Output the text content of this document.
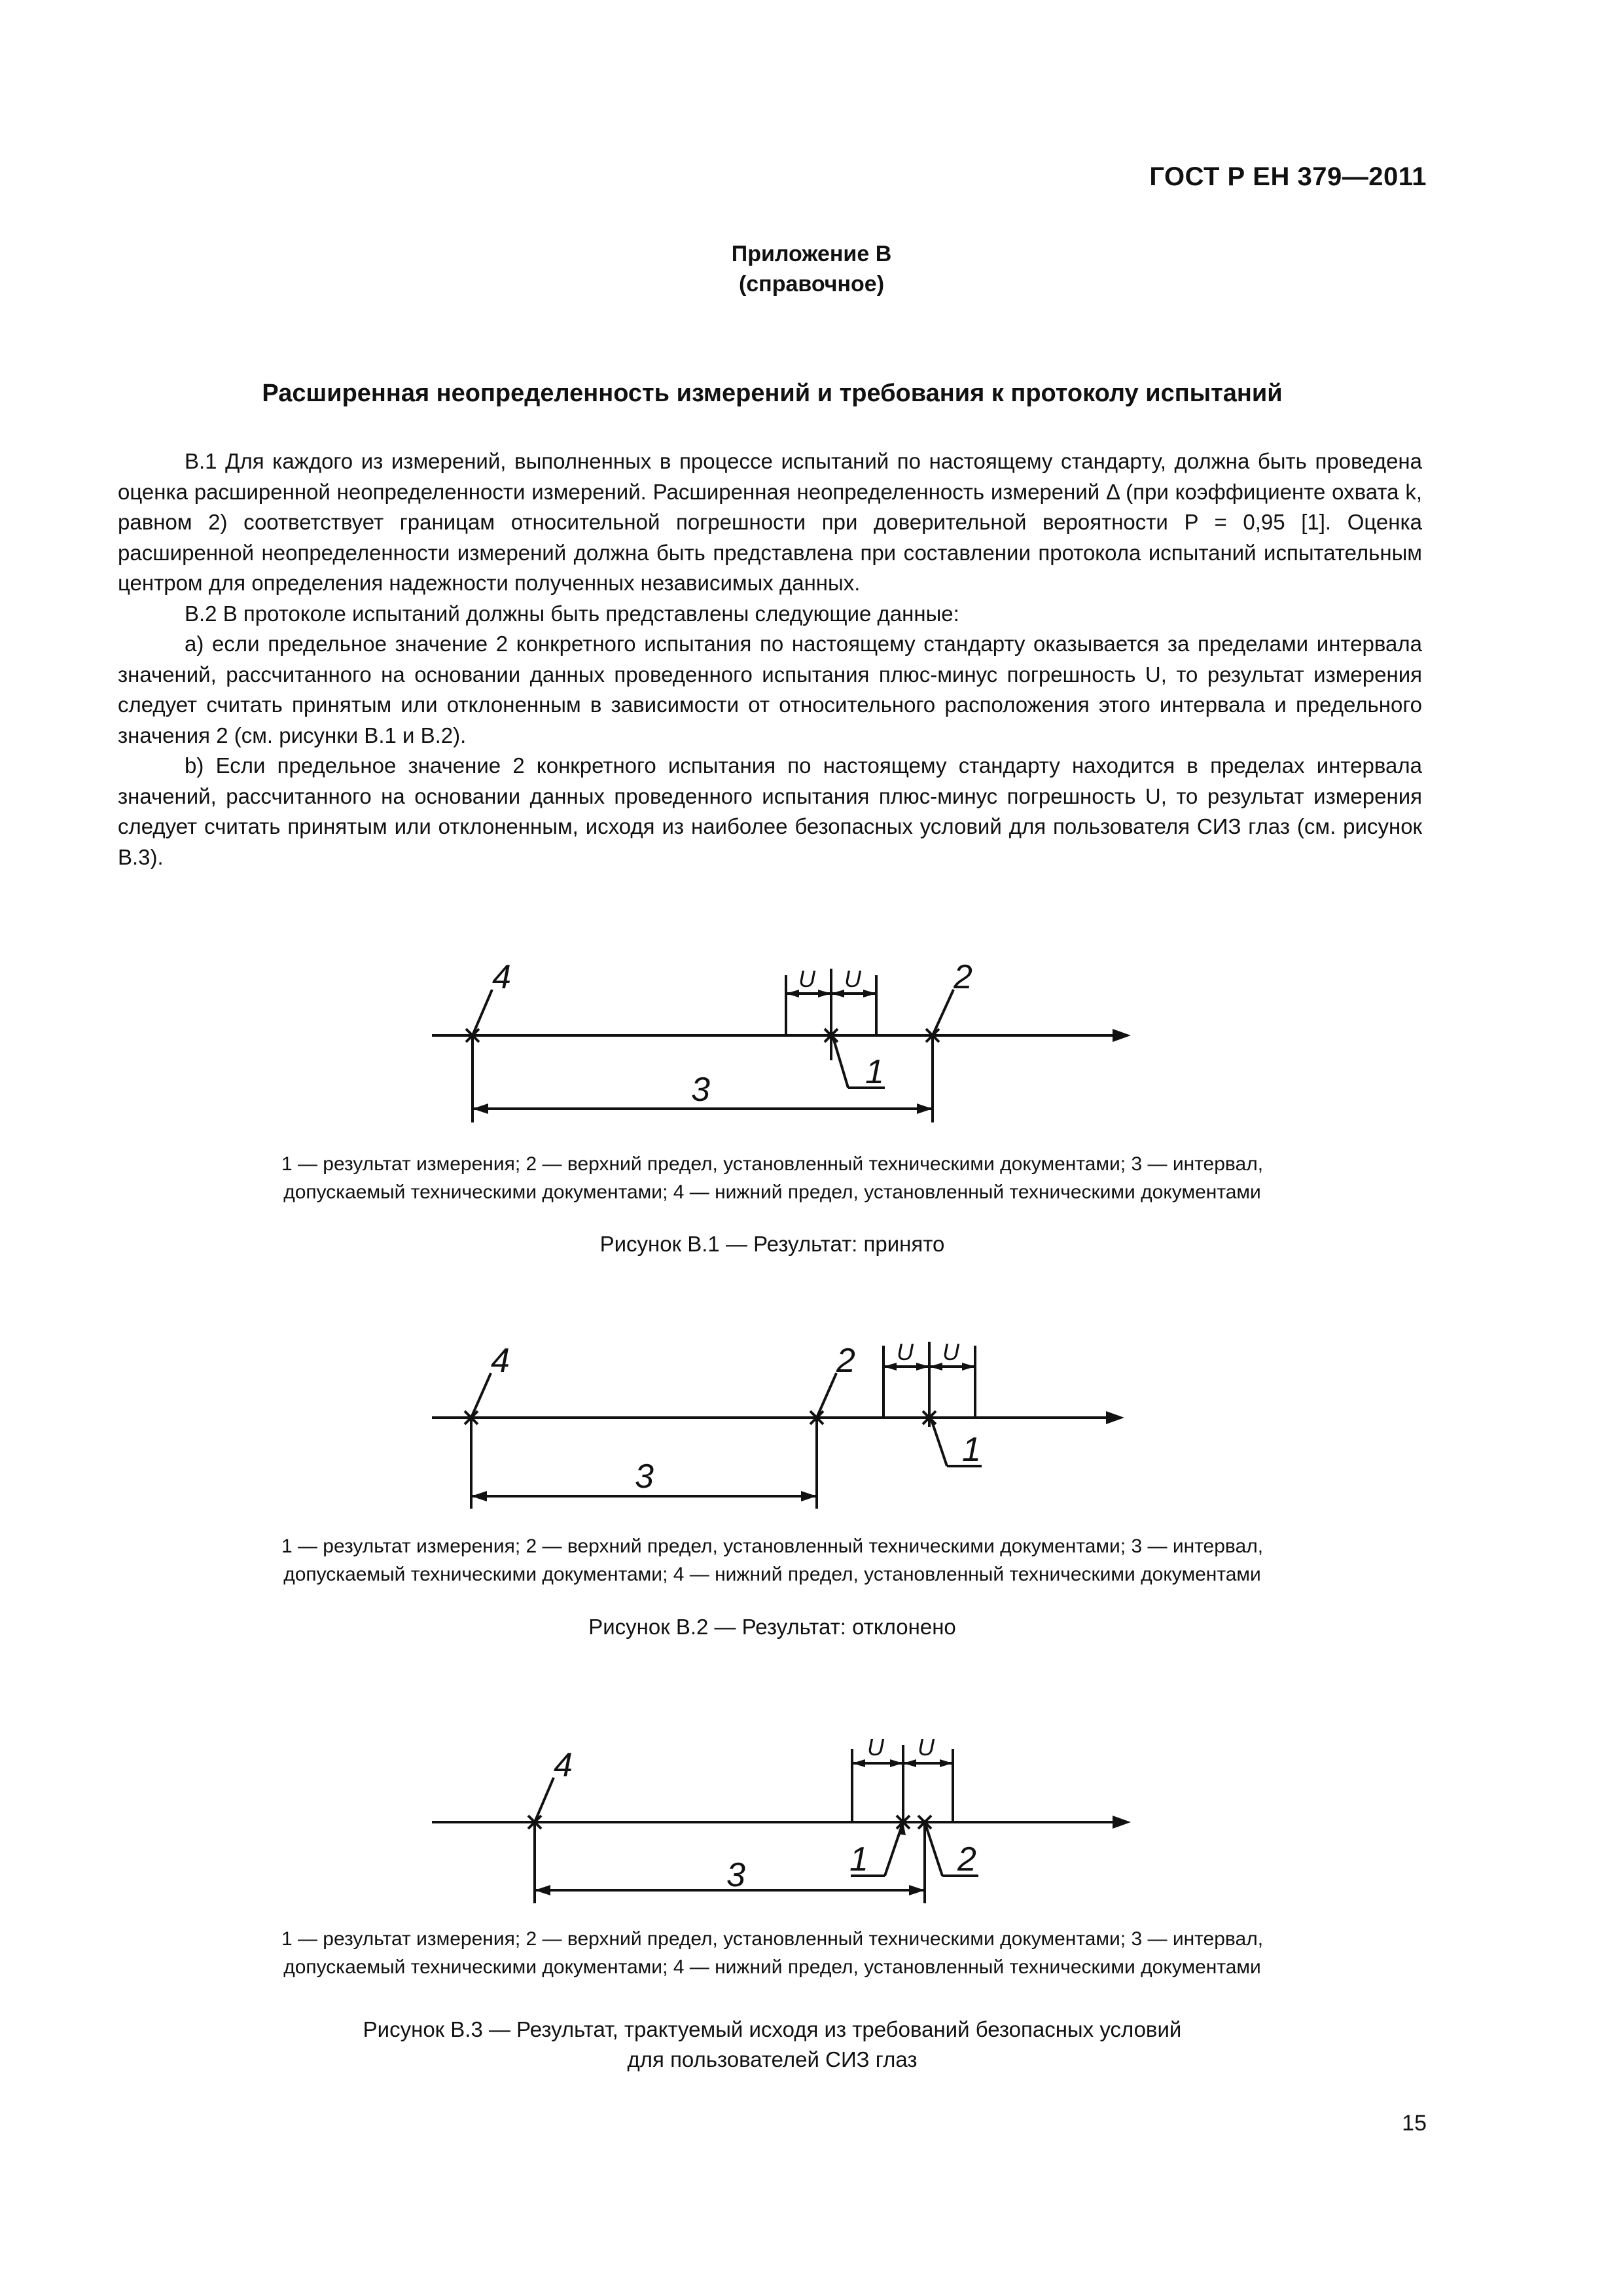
ГОСТ Р ЕН 379—2011
Приложение B
(справочное)
Расширенная неопределенность измерений и требования к протоколу испытаний

B.1 Для каждого из измерений, выполненных в процессе испытаний по настоящему стандарту, должна быть проведена оценка расширенной неопределенности измерений. Расширенная неопределенность измерений Δ (при коэффициенте охвата k, равном 2) соответствует границам относительной погрешности при доверительной вероятности P = 0,95 [1]. Оценка расширенной неопределенности измерений должна быть представлена при составлении протокола испытаний испытательным центром для определения надежности полученных независимых данных.

B.2 В протоколе испытаний должны быть представлены следующие данные:

a) если предельное значение 2 конкретного испытания по настоящему стандарту оказывается за пределами интервала значений, рассчитанного на основании данных проведенного испытания плюс-минус погрешность U, то результат измерения следует считать принятым или отклоненным в зависимости от относительного расположения этого интервала и предельного значения 2 (см. рисунки B.1 и B.2).

b) Если предельное значение 2 конкретного испытания по настоящему стандарту находится в пределах интервала значений, рассчитанного на основании данных проведенного испытания плюс-минус погрешность U, то результат измерения следует считать принятым или отклоненным, исходя из наиболее безопасных условий для пользователя СИЗ глаз (см. рисунок B.3).

U U
4	2
3	1
1 — результат измерения; 2 — верхний предел, установленный техническими документами; 3 — интервал,
допускаемый техническими документами; 4 — нижний предел, установленный техническими документами
Рисунок B.1 — Результат: принято
U U
4	2
3
1
1 — результат измерения; 2 — верхний предел, установленный техническими документами; 3 — интервал,
допускаемый техническими документами; 4 — нижний предел, установленный техническими документами
Рисунок B.2 — Результат: отклонено
U U
4
3	1	2
1 — результат измерения; 2 — верхний предел, установленный техническими документами; 3 — интервал,
допускаемый техническими документами; 4 — нижний предел, установленный техническими документами
Рисунок B.3 — Результат, трактуемый исходя из требований безопасных условий
для пользователей СИЗ глаз
15
